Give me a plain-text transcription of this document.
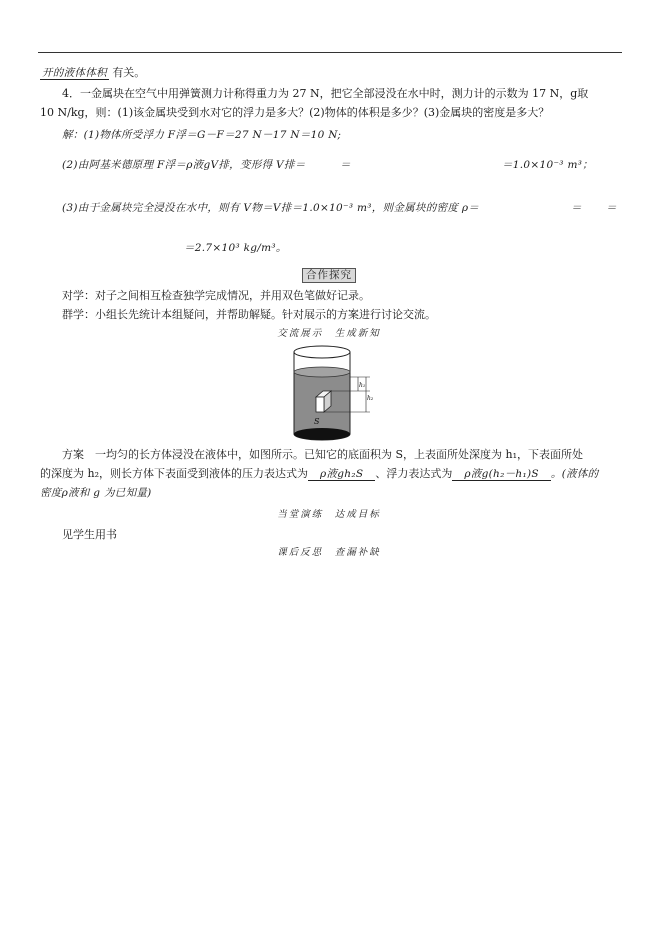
开的液体体积 有关。
4．一金属块在空气中用弹簧测力计称得重力为 27 N，把它全部浸没在水中时，测力计的示数为 17 N，g取
10 N/kg，则：(1)该金属块受到水对它的浮力是多大？(2)物体的体积是多少？(3)金属块的密度是多大？
解：(1)物体所受浮力 F浮＝G－F＝27 N－17 N＝10 N;
(2)由阿基米德原理 F浮＝ρ液gV排，变形得 V排＝	＝	＝1.0×10⁻³ m³；
(3)由于金属块完全浸没在水中，则有 V物＝V排＝1.0×10⁻³ m³，则金属块的密度 ρ＝	＝ ＝
＝2.7×10³ kg/m³。
合作探究
对学：对子之间相互检查独学完成情况，并用双色笔做好记录。
群学：小组长先统计本组疑问，并帮助解疑。针对展示的方案进行讨论交流。
交流展示　生成新知
h₁
h₂
S
方案　一均匀的长方体浸没在液体中，如图所示。已知它的底面积为 S，上表面所处深度为 h₁，下表面所处
的深度为 h₂，则长方体下表面受到液体的压力表达式为 ρ液gh₂S 、浮力表达式为 ρ液g(h₂－h₁)S 。(液体的
密度ρ液和 g 为已知量)
当堂演练　达成目标
见学生用书
课后反思　查漏补缺
